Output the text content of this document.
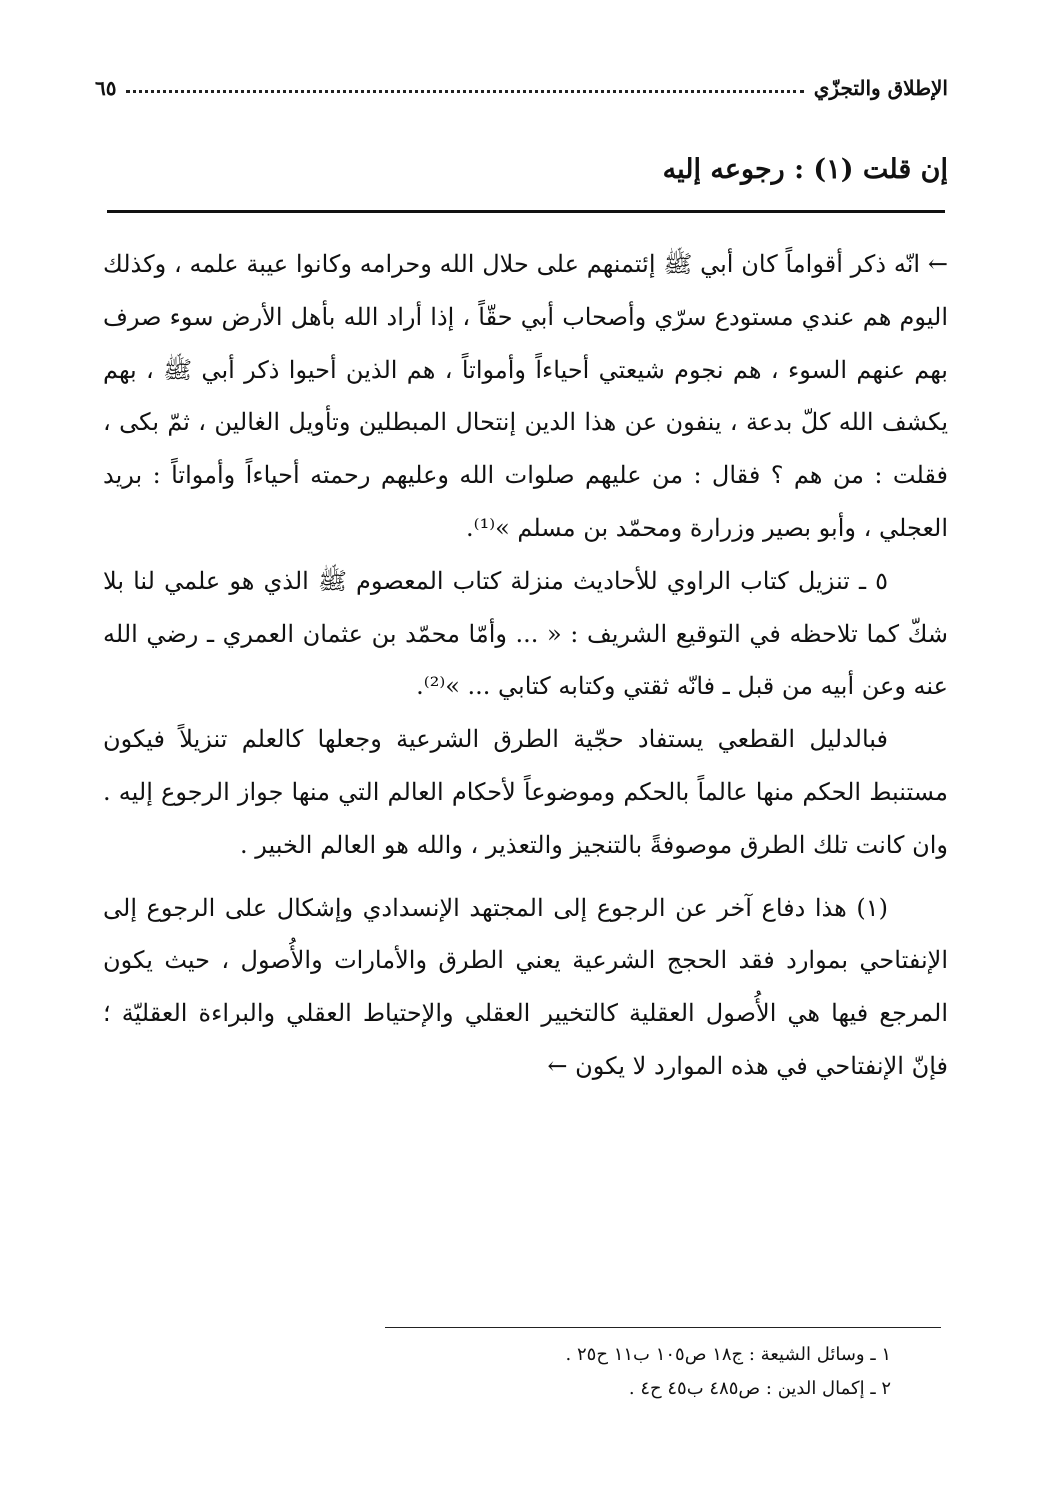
الإطلاق والتجزّي
٦٥
إن قلت (١) : رجوعه إليه

← انّه ذكر أقواماً كان أبي ﷺ إئتمنهم على حلال الله وحرامه وكانوا عيبة علمه ، وكذلك اليوم هم عندي مستودع سرّي وأصحاب أبي حقّاً ، إذا أراد الله بأهل الأرض سوء صرف بهم عنهم السوء ، هم نجوم شيعتي أحياءاً وأمواتاً ، هم الذين أحيوا ذكر أبي ﷺ ، بهم يكشف الله كلّ بدعة ، ينفون عن هذا الدين إنتحال المبطلين وتأويل الغالين ، ثمّ بكى ، فقلت : من هم ؟ فقال : من عليهم صلوات الله وعليهم رحمته أحياءاً وأمواتاً : بريد العجلي ، وأبو بصير وزرارة ومحمّد بن مسلم »⁽¹⁾.

٥ ـ تنزيل كتاب الراوي للأحاديث منزلة كتاب المعصوم ﷺ الذي هو علمي لنا بلا شكّ كما تلاحظه في التوقيع الشريف : « ... وأمّا محمّد بن عثمان العمري ـ رضي الله عنه وعن أبيه من قبل ـ فانّه ثقتي وكتابه كتابي ... »⁽²⁾.

فبالدليل القطعي يستفاد حجّية الطرق الشرعية وجعلها كالعلم تنزيلاً فيكون مستنبط الحكم منها عالماً بالحكم وموضوعاً لأحكام العالم التي منها جواز الرجوع إليه . وان كانت تلك الطرق موصوفةً بالتنجيز والتعذير ، والله هو العالم الخبير .

(١) هذا دفاع آخر عن الرجوع إلى المجتهد الإنسدادي وإشكال على الرجوع إلى الإنفتاحي بموارد فقد الحجج الشرعية يعني الطرق والأمارات والأُصول ، حيث يكون المرجع فيها هي الأُصول العقلية كالتخيير العقلي والإحتياط العقلي والبراءة العقليّة ؛ فإنّ الإنفتاحي في هذه الموارد لا يكون ←

١ ـ وسائل الشيعة : ج١٨ ص١٠٥ ب١١ ح٢٥ .

٢ ـ إكمال الدين : ص٤٨٥ ب٤٥ ح٤ .
